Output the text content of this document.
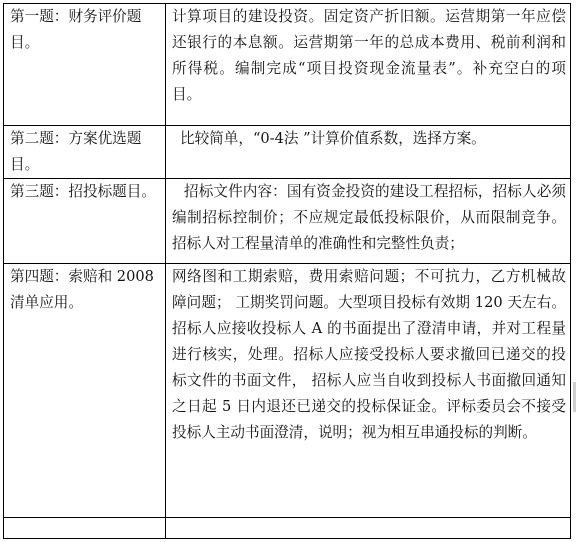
第一题：财务评价题目。	计算项目的建设投资。固定资产折旧额。运营期第一年应偿还银行的本息额。运营期第一年的总成本费用、税前利润和所得税。编制完成“项目投资现金流量表”。补充空白的项目。
第二题：方案优选题目。	比较简单，“0-4法 ”计算价值系数，选择方案。
第三题：招投标题目。	招标文件内容：国有资金投资的建设工程招标，招标人必须编制招标控制价；不应规定最低投标限价，从而限制竞争。招标人对工程量清单的准确性和完整性负责；
第四题：索赔和 2008 清单应用。	网络图和工期索赔，费用索赔问题；不可抗力，乙方机械故障问题； 工期奖罚问题。大型项目投标有效期 120 天左右。招标人应接收投标人 A 的书面提出了澄清申请，并对工程量进行核实，处理。招标人应接受投标人要求撤回已递交的投标文件的书面文件， 招标人应当自收到投标人书面撤回通知之日起 5 日内退还已递交的投标保证金。评标委员会不接受投标人主动书面澄清，说明；视为相互串通投标的判断。
